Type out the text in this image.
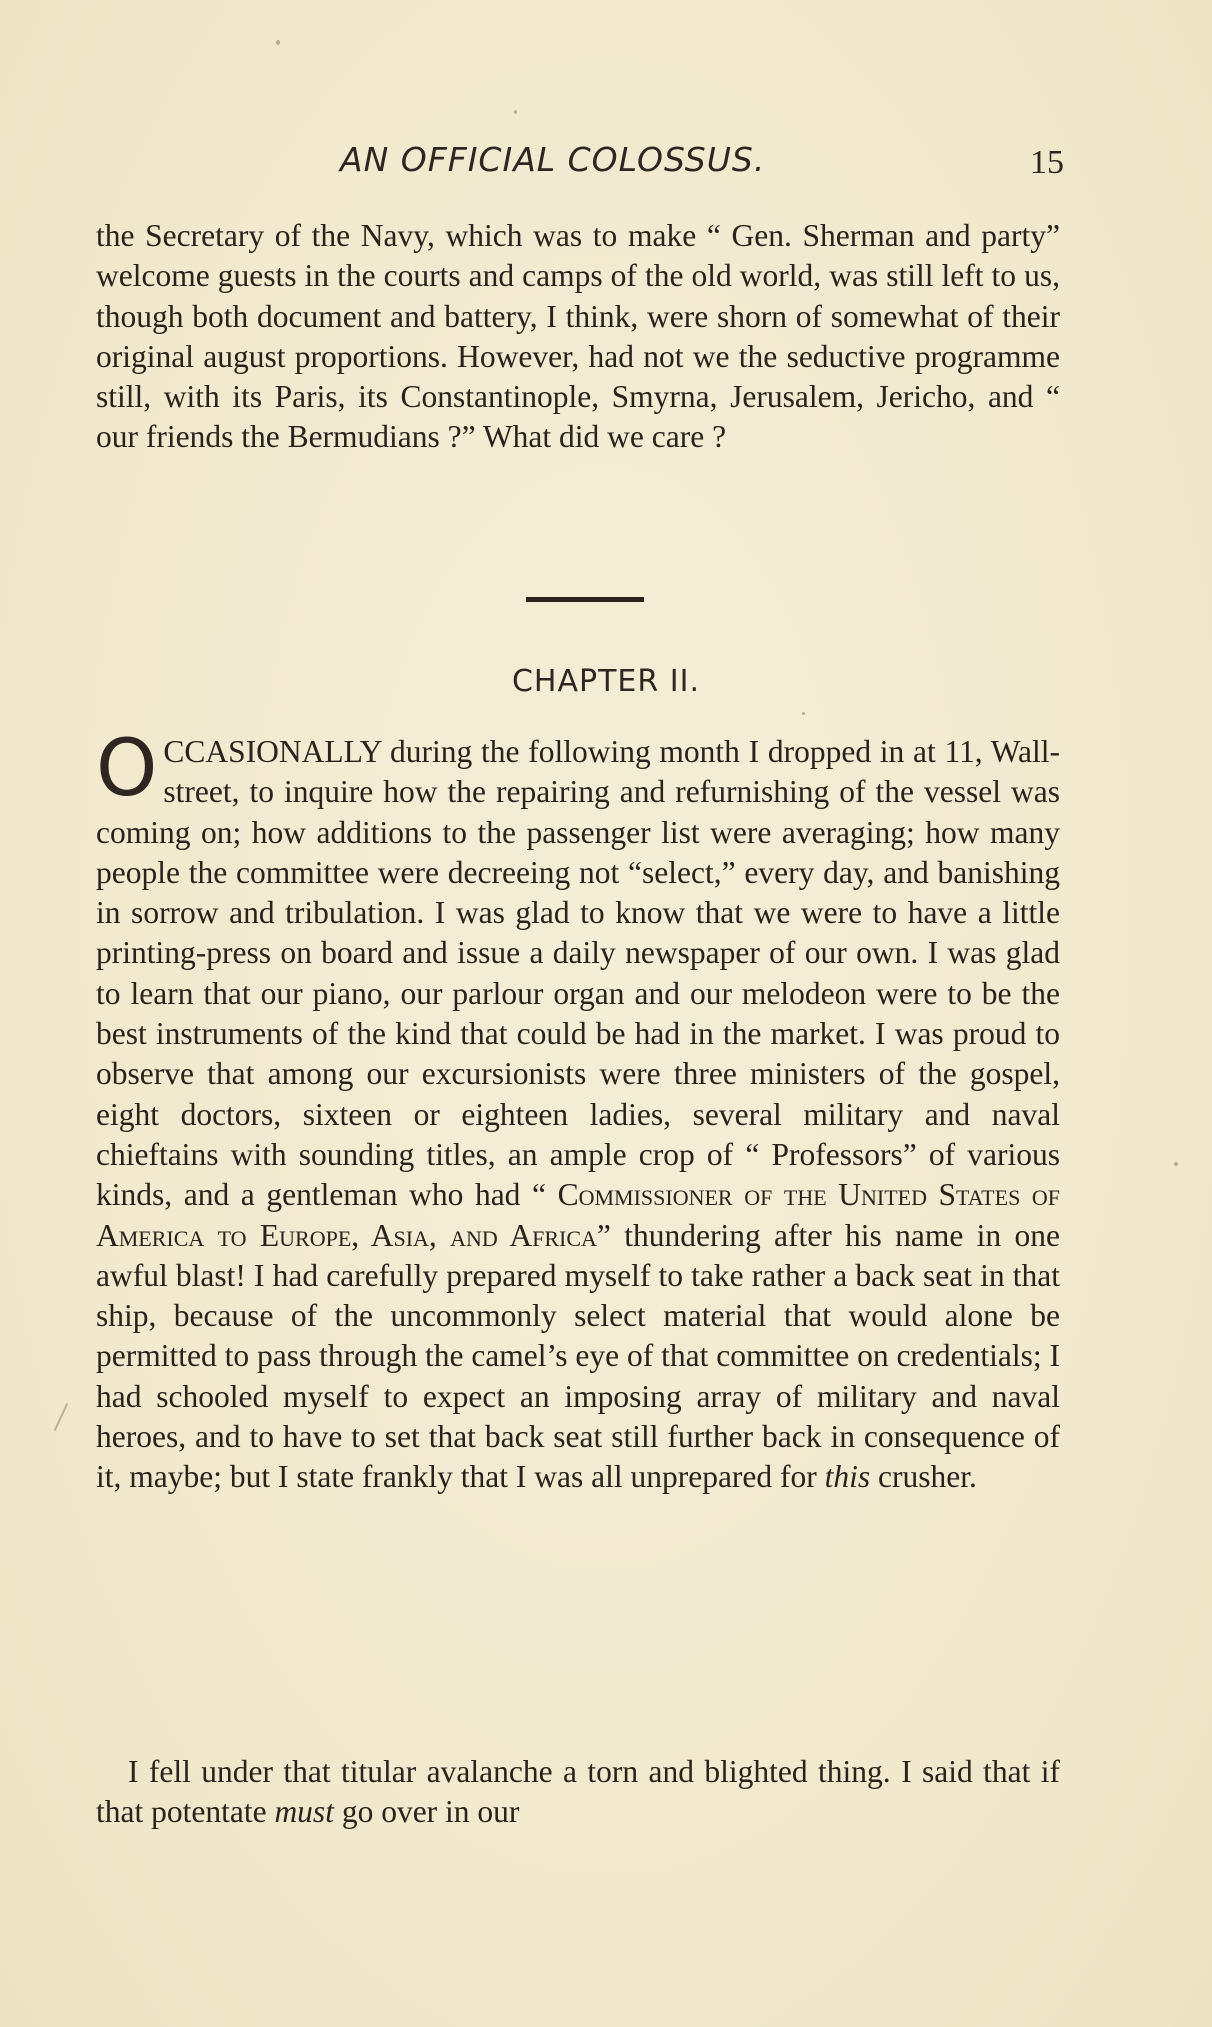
AN OFFICIAL COLOSSUS.	15

the Secretary of the Navy, which was to make “ Gen. Sherman and party” welcome guests in the courts and camps of the old world, was still left to us, though both document and battery, I think, were shorn of somewhat of their original august proportions. However, had not we the seductive programme still, with its Paris, its Constantinople, Smyrna, Jerusalem, Jericho, and “ our friends the Bermudians ?” What did we care ?

CHAPTER II.

OCCASIONALLY during the following month I dropped in at 11, Wall-street, to inquire how the repairing and refurnishing of the vessel was coming on; how additions to the passenger list were averaging; how many people the committee were decreeing not “select,” every day, and banishing in sorrow and tribulation. I was glad to know that we were to have a little printing-press on board and issue a daily newspaper of our own. I was glad to learn that our piano, our parlour organ and our melodeon were to be the best instruments of the kind that could be had in the market. I was proud to observe that among our excursionists were three ministers of the gospel, eight doctors, sixteen or eighteen ladies, several military and naval chieftains with sounding titles, an ample crop of “ Professors” of various kinds, and a gentleman who had “ Commissioner of the United States of America to Europe, Asia, and Africa” thundering after his name in one awful blast! I had carefully prepared myself to take rather a back seat in that ship, because of the uncommonly select material that would alone be permitted to pass through the camel’s eye of that committee on credentials; I had schooled myself to expect an imposing array of military and naval heroes, and to have to set that back seat still further back in consequence of it, maybe; but I state frankly that I was all unprepared for this crusher.

I fell under that titular avalanche a torn and blighted thing. I said that if that potentate must go over in our
